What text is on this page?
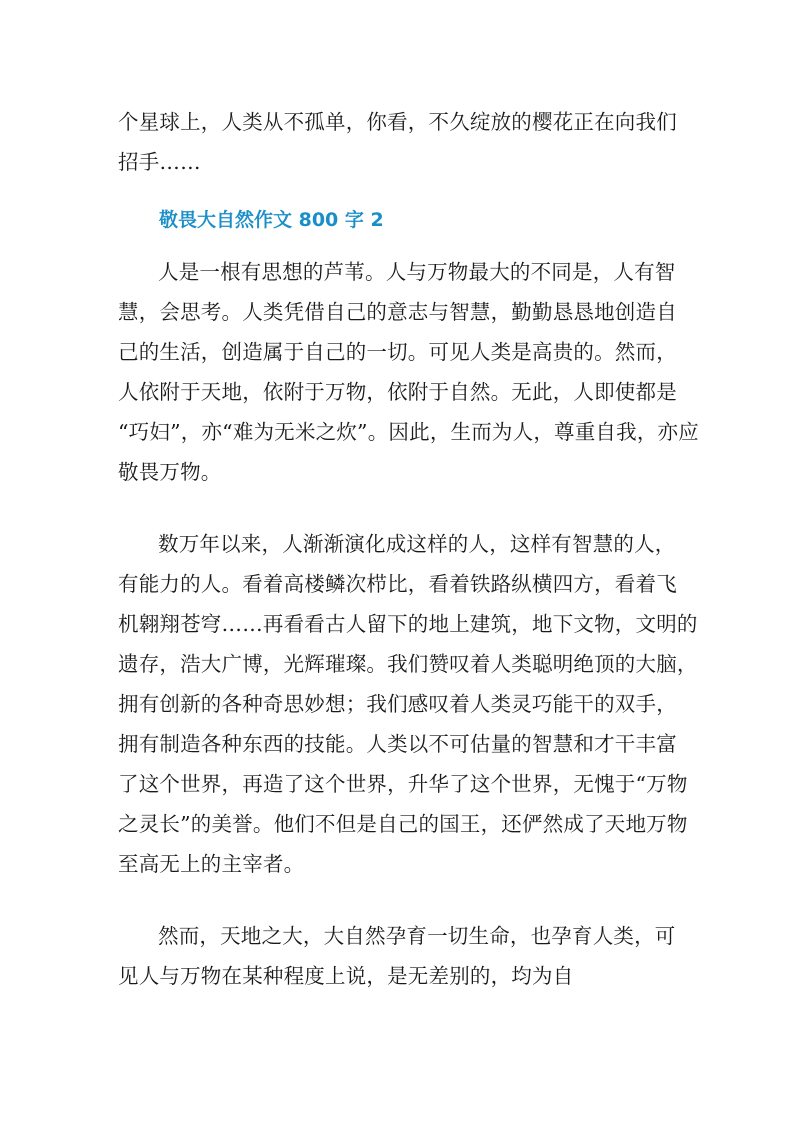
个星球上，人类从不孤单，你看，不久绽放的樱花正在向我们
招手……
敬畏大自然作文 800 字 2
人是一根有思想的芦苇。人与万物最大的不同是，人有智
慧，会思考。人类凭借自己的意志与智慧，勤勤恳恳地创造自
己的生活，创造属于自己的一切。可见人类是高贵的。然而，
人依附于天地，依附于万物，依附于自然。无此，人即使都是
“巧妇”，亦“难为无米之炊”。因此，生而为人，尊重自我，亦应
敬畏万物。
数万年以来，人渐渐演化成这样的人，这样有智慧的人，
有能力的人。看着高楼鳞次栉比，看着铁路纵横四方，看着飞
机翱翔苍穹……再看看古人留下的地上建筑，地下文物，文明的
遗存，浩大广博，光辉璀璨。我们赞叹着人类聪明绝顶的大脑，
拥有创新的各种奇思妙想；我们感叹着人类灵巧能干的双手，
拥有制造各种东西的技能。人类以不可估量的智慧和才干丰富
了这个世界，再造了这个世界，升华了这个世界，无愧于“万物
之灵长”的美誉。他们不但是自己的国王，还俨然成了天地万物
至高无上的主宰者。
然而，天地之大，大自然孕育一切生命，也孕育人类，可
见人与万物在某种程度上说，是无差别的，均为自
